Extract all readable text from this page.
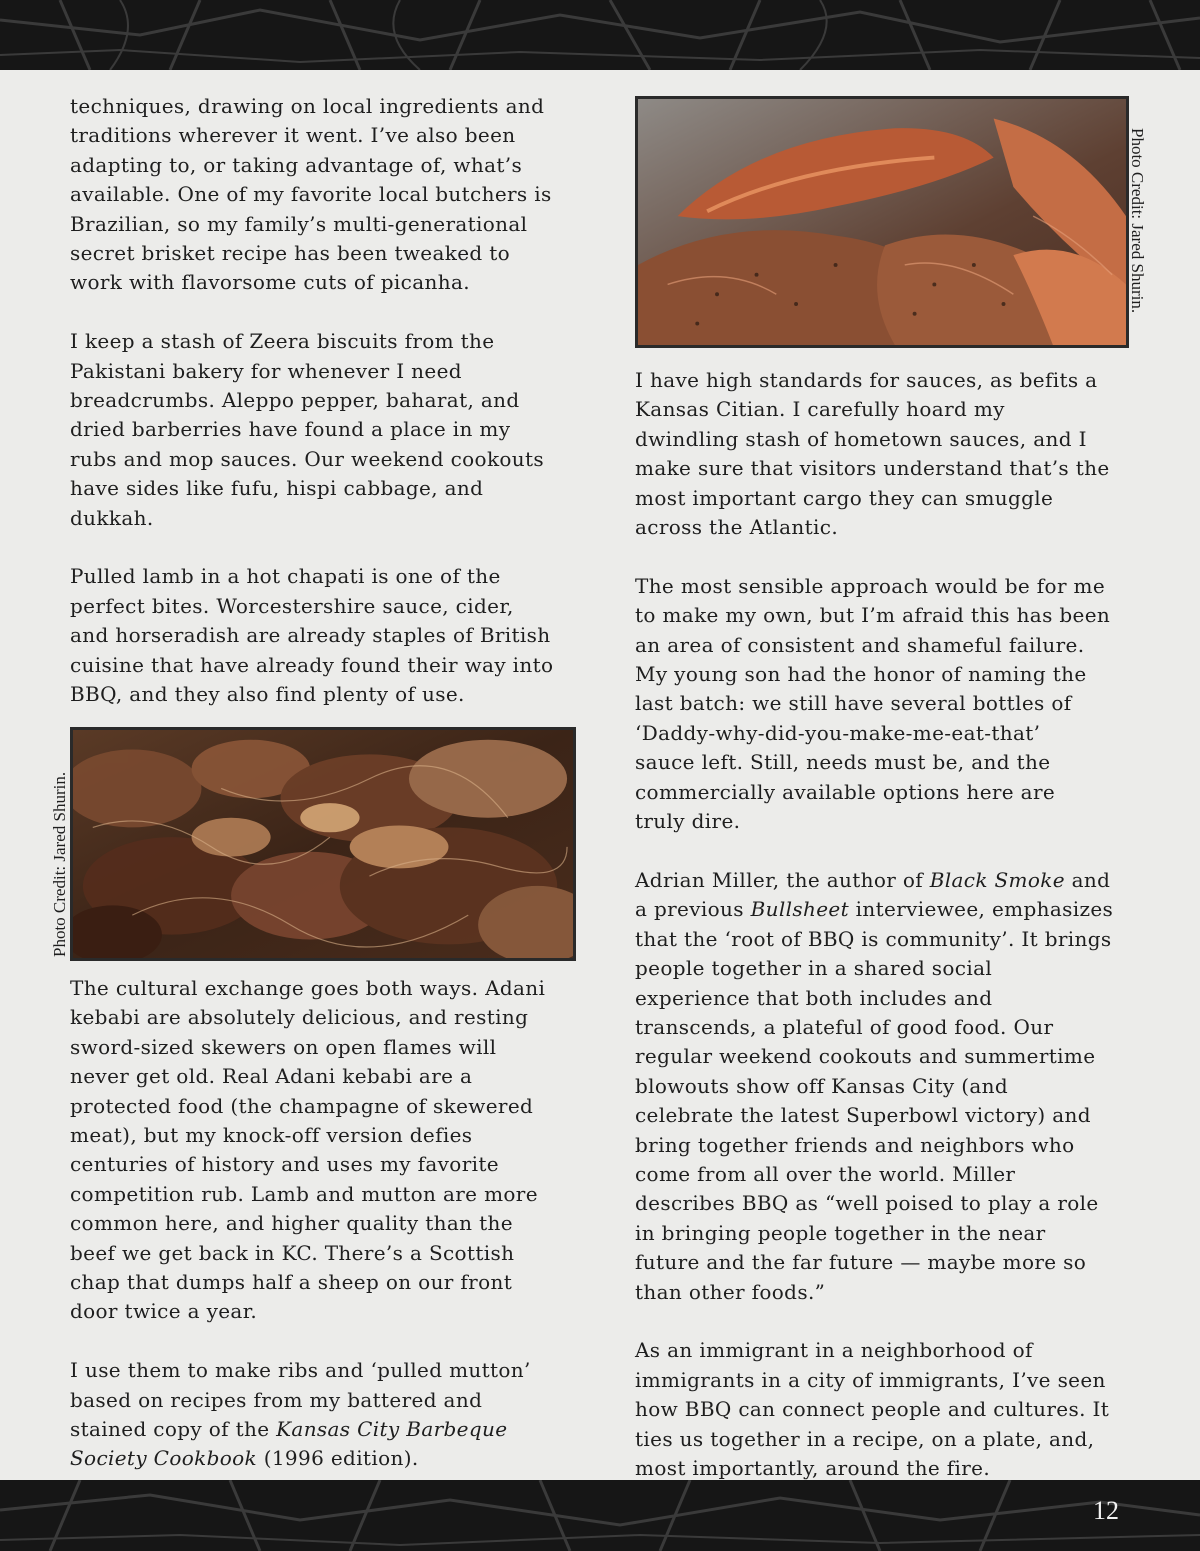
techniques, drawing on local ingredients and
traditions wherever it went. I’ve also been
adapting to, or taking advantage of, what’s
available. One of my favorite local butchers is
Brazilian, so my family’s multi-generational
secret brisket recipe has been tweaked to
work with flavorsome cuts of picanha.

I keep a stash of Zeera biscuits from the
Pakistani bakery for whenever I need
breadcrumbs. Aleppo pepper, baharat, and
dried barberries have found a place in my
rubs and mop sauces. Our weekend cookouts
have sides like fufu, hispi cabbage, and
dukkah.

Pulled lamb in a hot chapati is one of the
perfect bites. Worcestershire sauce, cider,
and horseradish are already staples of British
cuisine that have already found their way into
BBQ, and they also find plenty of use.

Photo Credit: Jared Shurin.

The cultural exchange goes both ways. Adani
kebabi are absolutely delicious, and resting
sword-sized skewers on open flames will
never get old. Real Adani kebabi are a
protected food (the champagne of skewered
meat), but my knock-off version defies
centuries of history and uses my favorite
competition rub. Lamb and mutton are more
common here, and higher quality than the
beef we get back in KC. There’s a Scottish
chap that dumps half a sheep on our front
door twice a year.

I use them to make ribs and ‘pulled mutton’
based on recipes from my battered and
stained copy of the Kansas City Barbeque
Society Cookbook (1996 edition).

Photo Credit: Jared Shurin.

I have high standards for sauces, as befits a
Kansas Citian. I carefully hoard my
dwindling stash of hometown sauces, and I
make sure that visitors understand that’s the
most important cargo they can smuggle
across the Atlantic.

The most sensible approach would be for me
to make my own, but I’m afraid this has been
an area of consistent and shameful failure.
My young son had the honor of naming the
last batch: we still have several bottles of
‘Daddy-why-did-you-make-me-eat-that’
sauce left. Still, needs must be, and the
commercially available options here are
truly dire.

Adrian Miller, the author of Black Smoke and
a previous Bullsheet interviewee, emphasizes
that the ‘root of BBQ is community’. It brings
people together in a shared social
experience that both includes and
transcends, a plateful of good food. Our
regular weekend cookouts and summertime
blowouts show off Kansas City (and
celebrate the latest Superbowl victory) and
bring together friends and neighbors who
come from all over the world. Miller
describes BBQ as “well poised to play a role
in bringing people together in the near
future and the far future — maybe more so
than other foods.”

As an immigrant in a neighborhood of
immigrants in a city of immigrants, I’ve seen
how BBQ can connect people and cultures. It
ties us together in a recipe, on a plate, and,
most importantly, around the fire.

12
